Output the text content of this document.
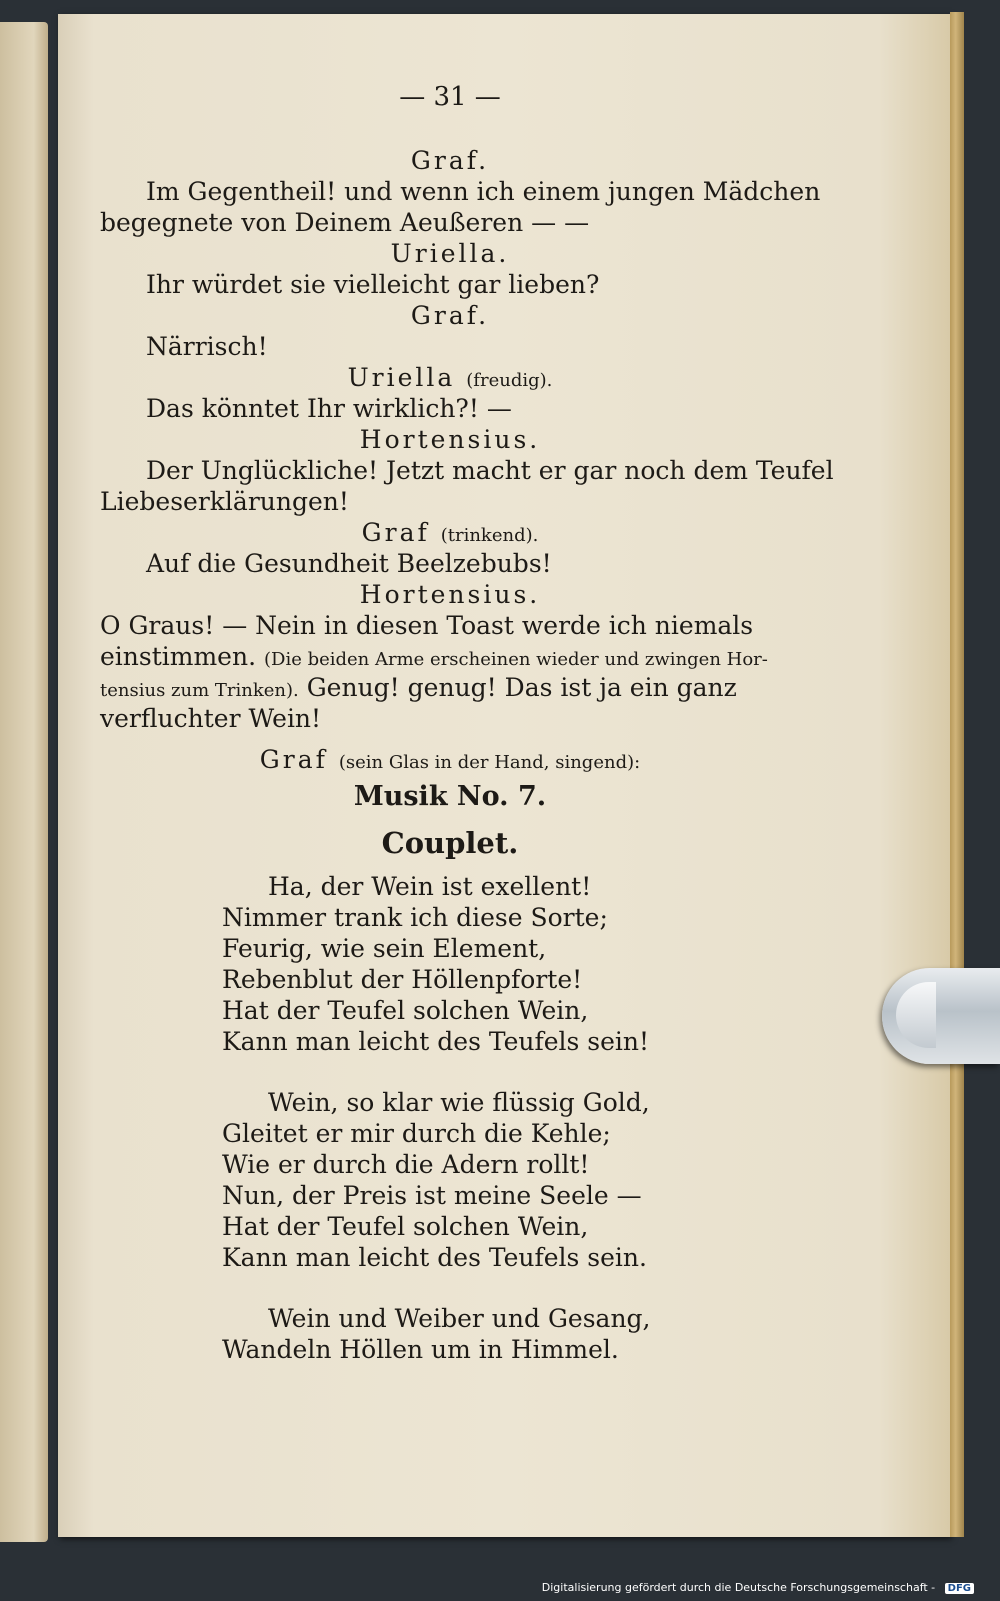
— 31 —
Graf.
Im Gegentheil! und wenn ich einem jungen Mädchen
begegnete von Deinem Aeußeren — —
Uriella.
Ihr würdet sie vielleicht gar lieben?
Graf.
Närrisch!
Uriella (freudig).
Das könntet Ihr wirklich?! —
Hortensius.
Der Unglückliche! Jetzt macht er gar noch dem Teufel
Liebeserklärungen!
Graf (trinkend).
Auf die Gesundheit Beelzebubs!
Hortensius.
O Graus! — Nein in diesen Toast werde ich niemals
einstimmen. (Die beiden Arme erscheinen wieder und zwingen Hor-
tensius zum Trinken). Genug! genug! Das ist ja ein ganz
verfluchter Wein!
Graf (sein Glas in der Hand, singend):
Musik No. 7.
Couplet.
Ha, der Wein ist exellent!
Nimmer trank ich diese Sorte;
Feurig, wie sein Element,
Rebenblut der Höllenpforte!
Hat der Teufel solchen Wein,
Kann man leicht des Teufels sein!
Wein, so klar wie flüssig Gold,
Gleitet er mir durch die Kehle;
Wie er durch die Adern rollt!
Nun, der Preis ist meine Seele —
Hat der Teufel solchen Wein,
Kann man leicht des Teufels sein.
Wein und Weiber und Gesang,
Wandeln Höllen um in Himmel.
Digitalisierung gefördert durch die Deutsche Forschungsgemeinschaft - DFG
